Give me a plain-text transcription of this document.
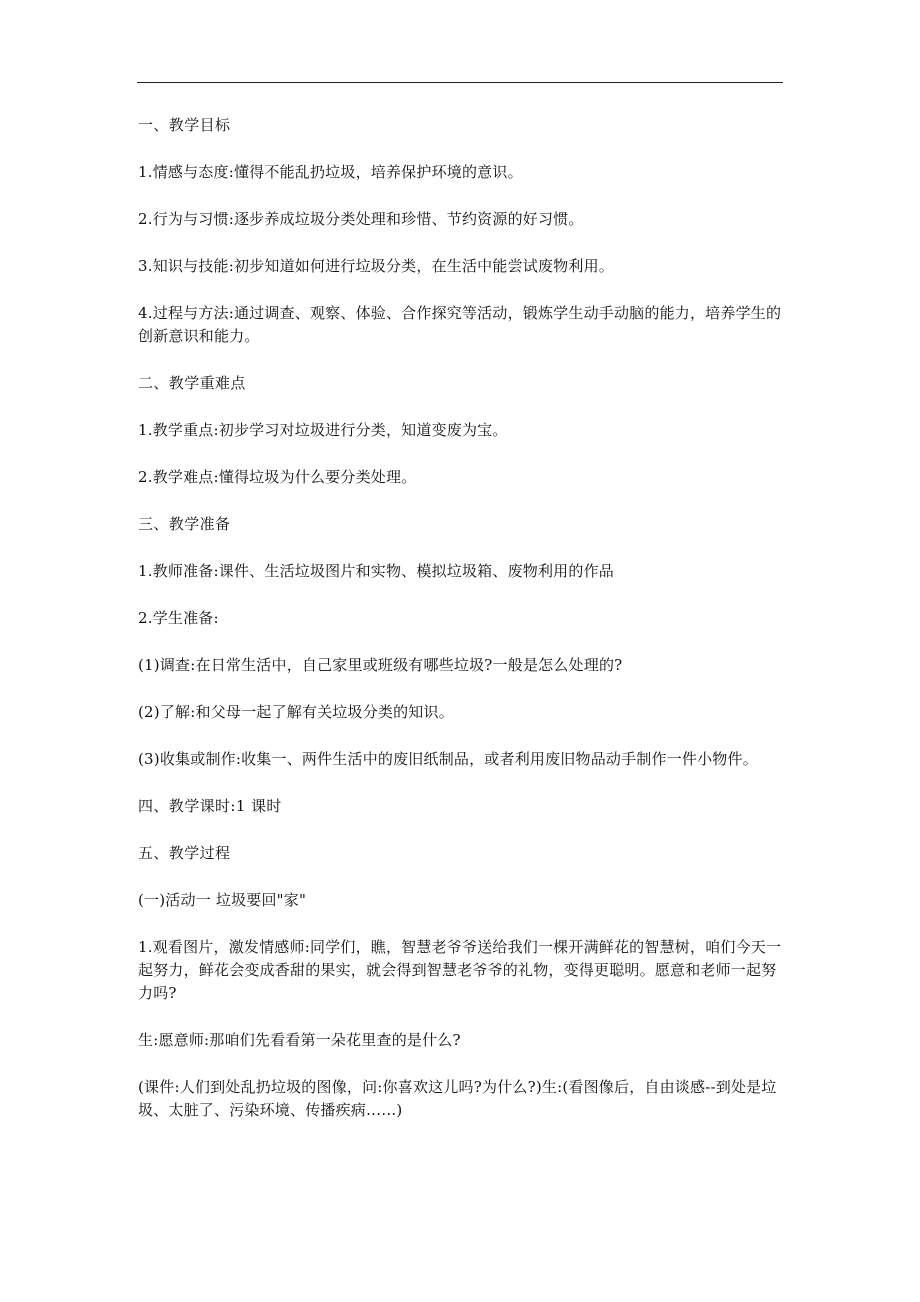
一、教学目标

1.情感与态度:懂得不能乱扔垃圾，培养保护环境的意识。

2.行为与习惯:逐步养成垃圾分类处理和珍惜、节约资源的好习惯。

3.知识与技能:初步知道如何进行垃圾分类，在生活中能尝试废物利用。

4.过程与方法:通过调查、观察、体验、合作探究等活动，锻炼学生动手动脑的能力，培养学生的创新意识和能力。

二、教学重难点

1.教学重点:初步学习对垃圾进行分类，知道变废为宝。

2.教学难点:懂得垃圾为什么要分类处理。

三、教学准备

1.教师准备:课件、生活垃圾图片和实物、模拟垃圾箱、废物利用的作品

2.学生准备:

(1)调查:在日常生活中，自己家里或班级有哪些垃圾?一般是怎么处理的?

(2)了解:和父母一起了解有关垃圾分类的知识。

(3)收集或制作:收集一、两件生活中的废旧纸制品，或者利用废旧物品动手制作一件小物件。

四、教学课时:1 课时

五、教学过程

(一)活动一 垃圾要回"家"

1.观看图片，激发情感师:同学们，瞧，智慧老爷爷送给我们一棵开满鲜花的智慧树，咱们今天一起努力，鲜花会变成香甜的果实，就会得到智慧老爷爷的礼物，变得更聪明。愿意和老师一起努力吗?

生:愿意师:那咱们先看看第一朵花里查的是什么?

(课件:人们到处乱扔垃圾的图像，问:你喜欢这儿吗?为什么?)生:(看图像后，自由谈感--到处是垃圾、太脏了、污染环境、传播疾病……)
